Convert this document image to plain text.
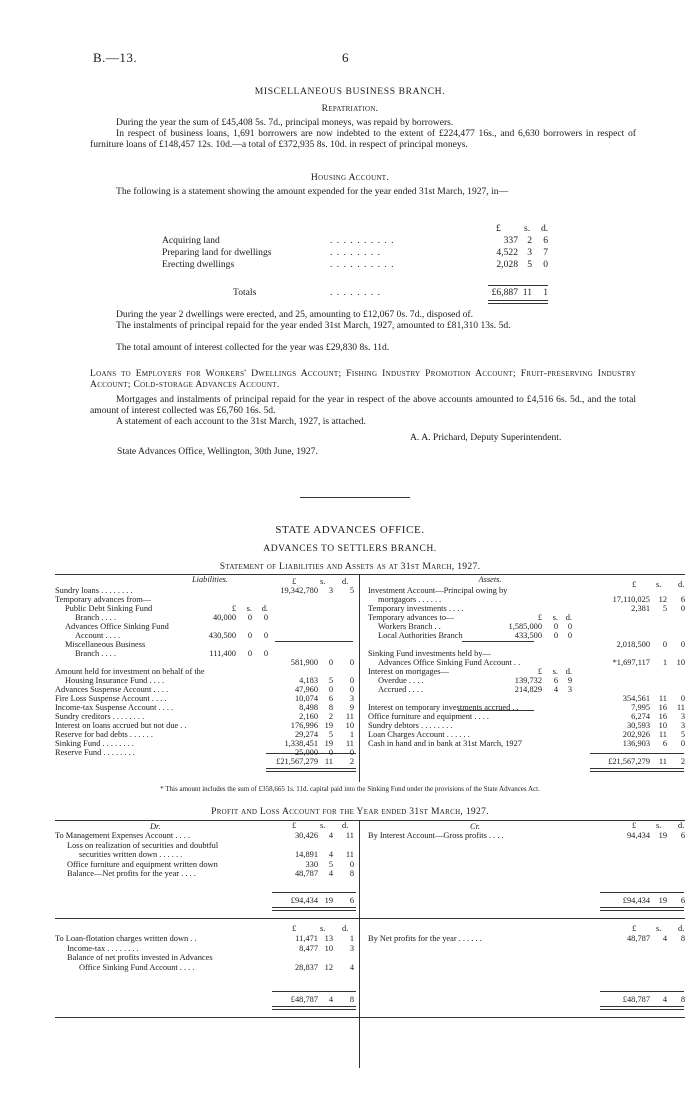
B.—13.	6
MISCELLANEOUS BUSINESS BRANCH.
Repatriation.

During the year the sum of £45,408 5s. 7d., principal moneys, was repaid by borrowers.

In respect of business loans, 1,691 borrowers are now indebted to the extent of £224,477 16s., and 6,630 borrowers in respect of furniture loans of £148,457 12s. 10d.—a total of £372,935 8s. 10d. in respect of principal moneys.

Housing Account.

The following is a statement showing the amount expended for the year ended 31st March, 1927, in—

£ s. d.
Acquiring land	. . . . . . . . . .	337 2	6
Preparing land for dwellings	. . . . . . . .	4,522 3	7
Erecting dwellings	. . . . . . . . . .	2,028 5	0
Totals	. . . . . . . .	£6,887 11	1

During the year 2 dwellings were erected, and 25, amounting to £12,067 0s. 7d., disposed of.

The instalments of principal repaid for the year ended 31st March, 1927, amounted to £81,310 13s. 5d.

The total amount of interest collected for the year was £29,830 8s. 11d.

Loans to Employers for Workers' Dwellings Account; Fishing Industry Promotion Account; Fruit-preserving Industry Account; Cold-storage Advances Account.

Mortgages and instalments of principal repaid for the year in respect of the above accounts amounted to £4,516 6s. 5d., and the total amount of interest collected was £6,760 16s. 5d.

A statement of each account to the 31st March, 1927, is attached.

A. A. Prichard, Deputy Superintendent.
State Advances Office, Wellington, 30th June, 1927.
STATE ADVANCES OFFICE.
ADVANCES TO SETTLERS BRANCH.
Statement of Liabilities and Assets as at 31st March, 1927.
Liabilities.	Assets.
£	s. d.	£ s. d.
Sundry loans . . . . . . . .	19,342,780	3	5
Temporary advances from—
Public Debt Sinking Fund	£	s.	d.
Branch . . . .	40,000	0	0
Advances Office Sinking Fund
Account . . . .	430,500	0	0
Miscellaneous Business
Branch . . . .	111,400	0	0
581,900	0	0
Amount held for investment on behalf of the
Housing Insurance Fund . . . .	4,183	5	0
Advances Suspense Account . . . .	47,960	0	0
Fire Loss Suspense Account . . . .	10,074	6	3
Income-tax Suspense Account . . . .	8,498	8	9
Sundry creditors . . . . . . . .	2,160	2	11
Interest on loans accrued but not due . .	176,996 19	10
Reserve for bad debts . . . . . .	29,274	5	1
Sinking Fund . . . . . . . .	1,338,451 19	11
Reserve Fund . . . . . . . .	25,000	0	0
£21,567,279 11	2
Investment Account—Principal owing by
mortgagors . . . . . .	17,110,025	12	6
Temporary investments . . . .	2,381	5	0
Temporary advances to—	£	s. d.
Workers Branch . .	1,585,000	0	0
Local Authorities Branch	433,500	0	0
2,018,500	0	0
Sinking Fund investments held by—
Advances Office Sinking Fund Account . .	*1,697,117	1	10
Interest on mortgages—	£	s. d.
Overdue . . . .	139,732	6	9
Accrued . . . .	214,829	4	3
354,561	11	0
Interest on temporary investments accrued . .	7,995	16	11
Office furniture and equipment . . . .	6,274	16	3
Sundry debtors . . . . . . . .	30,593	10	3
Loan Charges Account . . . . . .	202,926	11	5
Cash in hand and in bank at 31st March, 1927	136,903	6	0
£21,567,279	11	2
* This amount includes the sum of £358,665 1s. 11d. capital paid into the Sinking Fund under the provisions of the State Advances Act.
Profit and Loss Account for the Year ended 31st March, 1927.
Dr.	Cr.
£	s. d.	£ s. d.
To Management Expenses Account . . . .	30,426	4	11
Loss on realization of securities and doubtful
securities written down . . . . . .	14,891	4	11
Office furniture and equipment written down	330	5	0
Balance—Net profits for the year . . . .	48,787	4	8
£94,434 19	6
By Interest Account—Gross profits . . . .	94,434	19	6
£94,434	19	6
£	s. d.	£ s. d.
To Loan-flotation charges written down . .	11,471 13	1
Income-tax . . . . . . . .	8,477 10	3
Balance of net profits invested in Advances
Office Sinking Fund Account . . . .	28,837 12	4
£48,787	4	8
By Net profits for the year . . . . . .	48,787	4	8
£48,787	4	8
